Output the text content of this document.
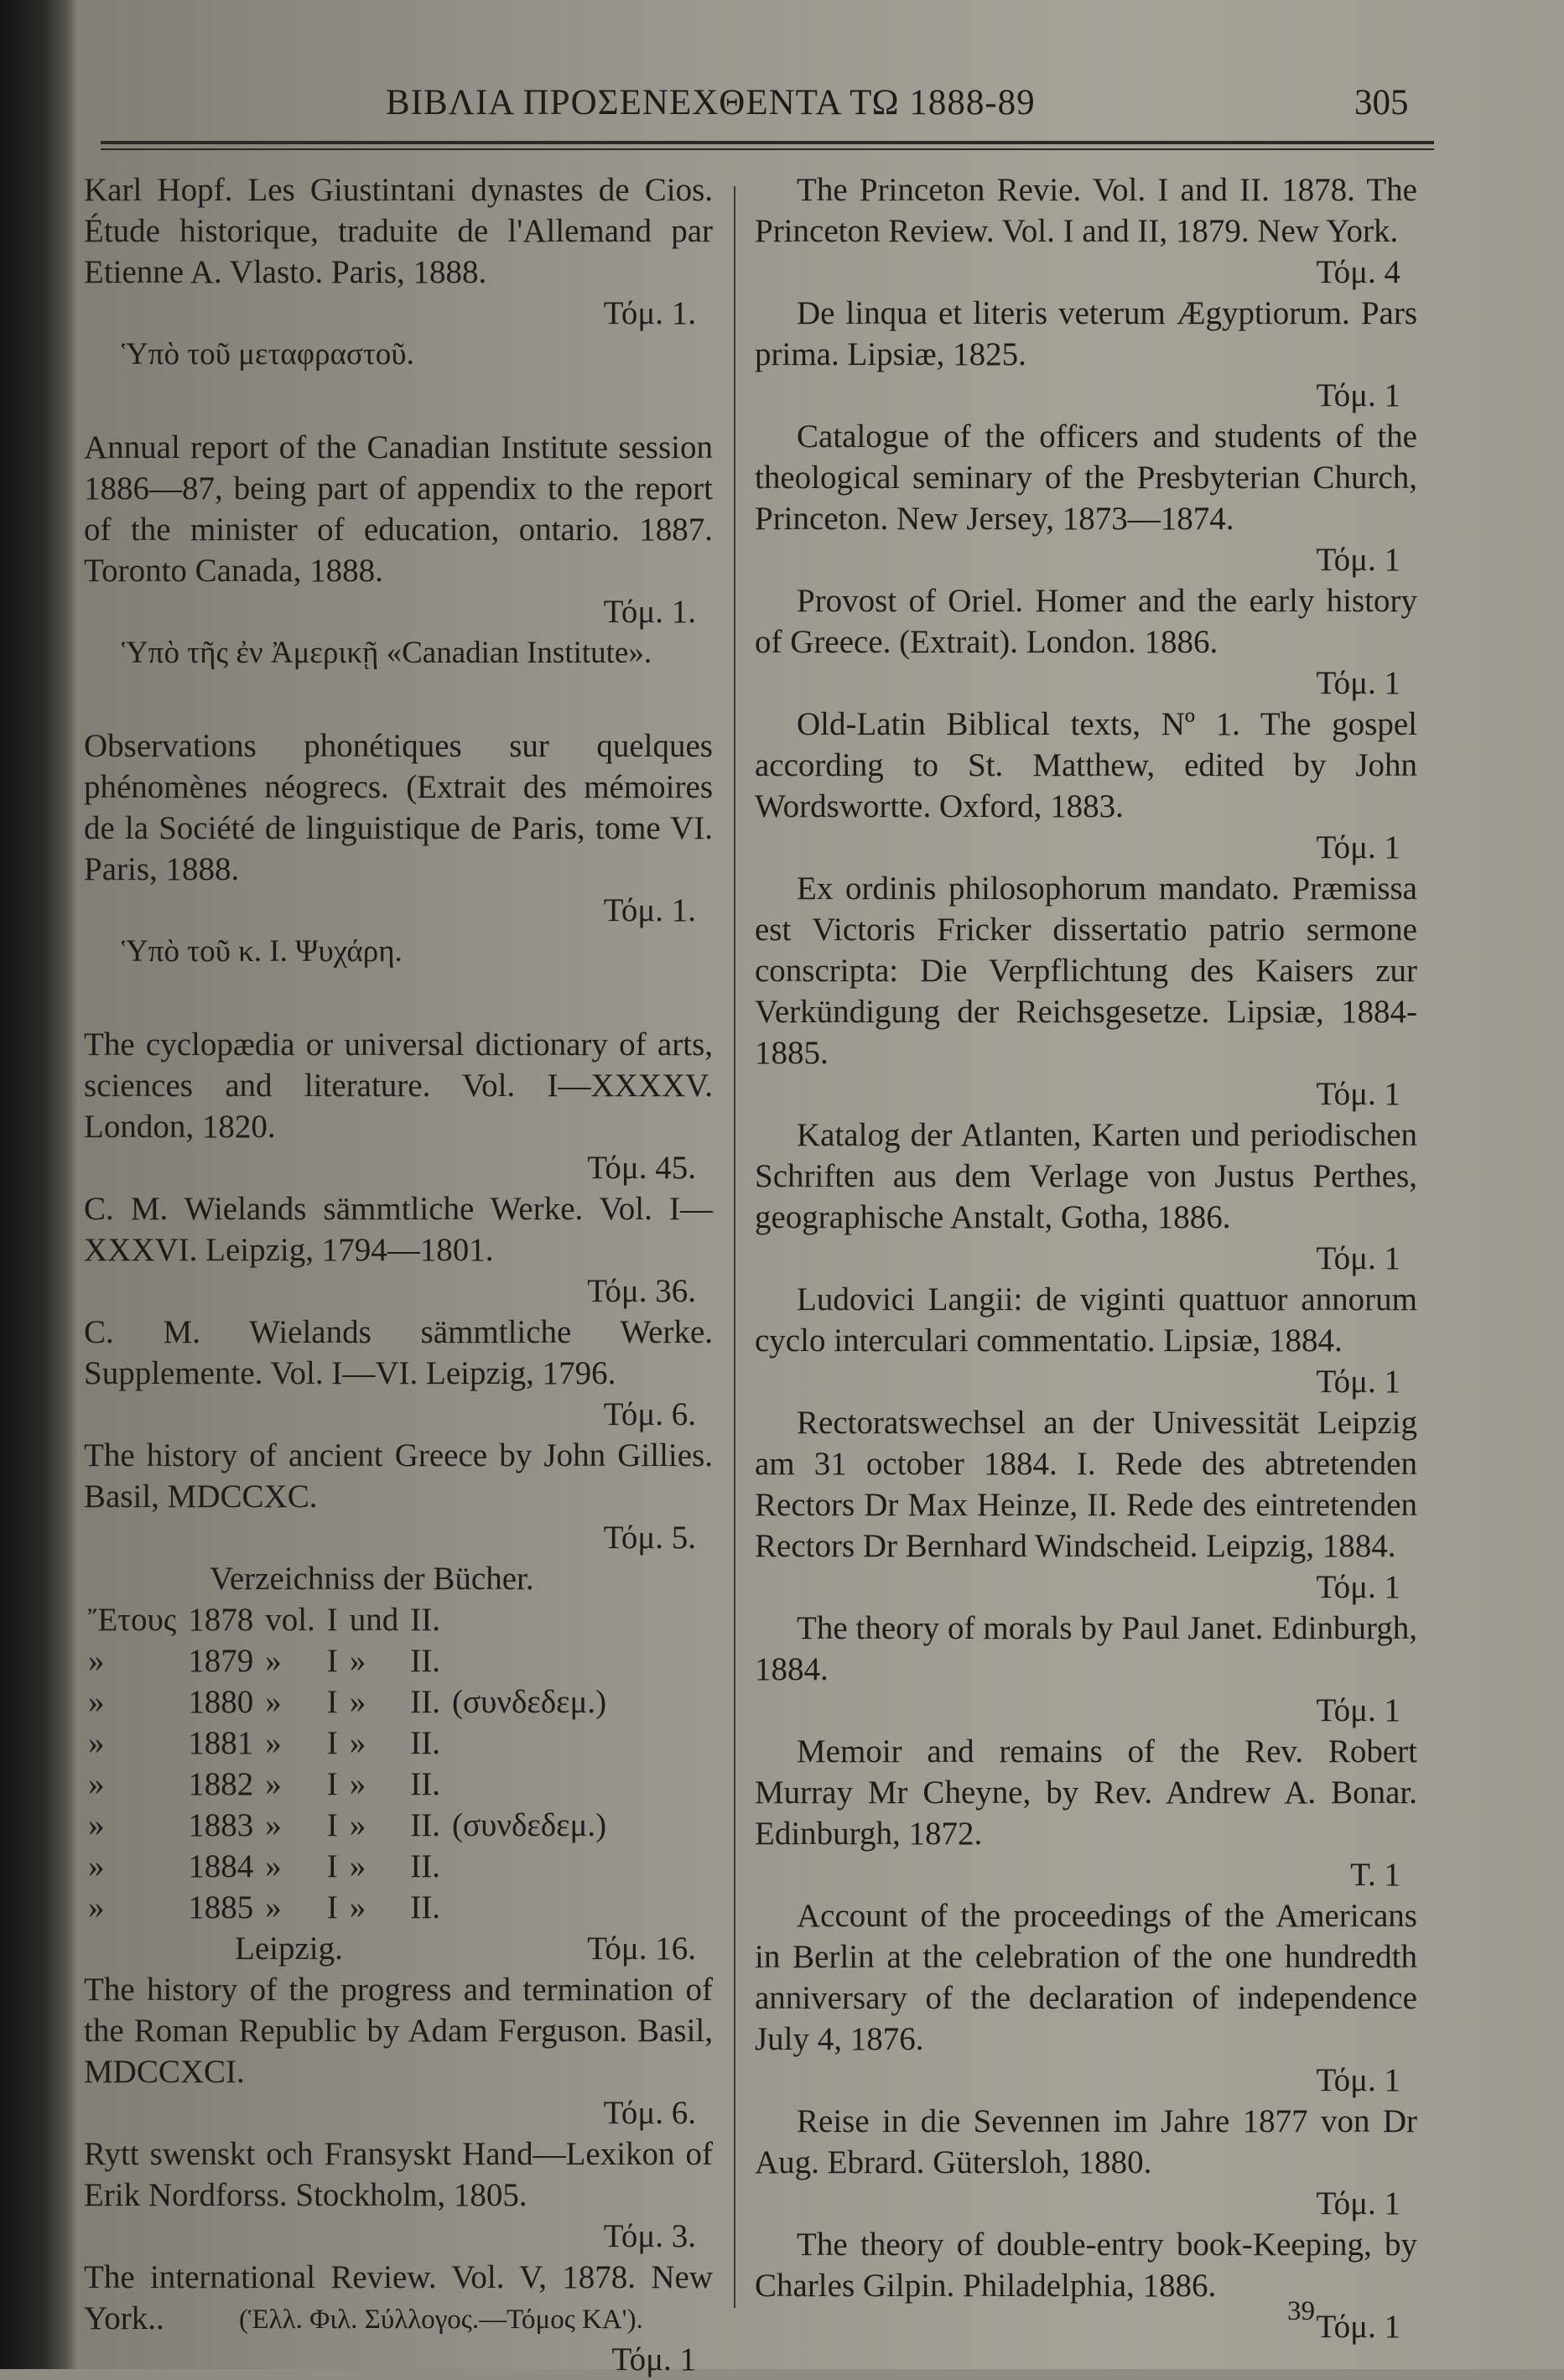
ΒΙΒΛΙΑ ΠΡΟΣΕΝΕΧΘΕΝΤΑ ΤΩ 1888-89	305
Karl Hopf. Les Giustintani dynastes de Cios. Étude historique, traduite de l'Allemand par Etienne A. Vlasto. Paris, 1888.
Τόμ. 1.
Ὑπὸ τοῦ μεταφραστοῦ.
Annual report of the Canadian Institute session 1886—87, being part of appendix to the report of the minister of education, ontario. 1887. Toronto Canada, 1888.
Τόμ. 1.
Ὑπὸ τῆς ἐν Ἀμερικῇ «Canadian Institute».
Observations phonétiques sur quelques phénomènes néogrecs. (Extrait des mémoires de la Société de linguistique de Paris, tome VI. Paris, 1888.
Τόμ. 1.
Ὑπὸ τοῦ κ. Ι. Ψυχάρη.
The cyclopædia or universal dictionary of arts, sciences and literature. Vol. I—XXXXV. London, 1820.
Τόμ. 45.
C. M. Wielands sämmtliche Werke. Vol. I—XXXVI. Leipzig, 1794—1801.
Τόμ. 36.
C. M. Wielands sämmtliche Werke. Supplemente. Vol. I—VI. Leipzig, 1796.
Τόμ. 6.
The history of ancient Greece by John Gillies. Basil, MDCCXC.
Τόμ. 5.
Verzeichniss der Bücher.
Ἔτους	1878	vol.	I	und	II.	
»	1879	»	I	»	II.	
»	1880	»	I	»	II.	(συνδεδεμ.)
»	1881	»	I	»	II.	
»	1882	»	I	»	II.	
»	1883	»	I	»	II.	(συνδεδεμ.)
»	1884	»	I	»	II.	
»	1885	»	I	»	II.	
Leipzig.	Τόμ. 16.
The history of the progress and termination of the Roman Republic by Adam Ferguson. Basil, MDCCXCI.
Τόμ. 6.
Rytt swenskt och Fransyskt Hand—Lexikon of Erik Nordforss. Stockholm, 1805.
Τόμ. 3.
The international Review. Vol. V, 1878. New York..
Τόμ. 1
The Princeton Revie. Vol. I and II. 1878. The Princeton Review. Vol. I and II, 1879. New York.
Τόμ. 4
De linqua et literis veterum Ægyptiorum. Pars prima. Lipsiæ, 1825.
Τόμ. 1
Catalogue of the officers and students of the theological seminary of the Presbyterian Church, Princeton. New Jersey, 1873—1874.
Τόμ. 1
Provost of Oriel. Homer and the early history of Greece. (Extrait). London. 1886.
Τόμ. 1
Old-Latin Biblical texts, Nº 1. The gospel according to St. Matthew, edited by John Wordswortte. Oxford, 1883.
Τόμ. 1
Ex ordinis philosophorum mandato. Præmissa est Victoris Fricker dissertatio patrio sermone conscripta: Die Verpflichtung des Kaisers zur Verkündigung der Reichsgesetze. Lipsiæ, 1884-1885.
Τόμ. 1
Katalog der Atlanten, Karten und periodischen Schriften aus dem Verlage von Justus Perthes, geographische Anstalt, Gotha, 1886.
Τόμ. 1
Ludovici Langii: de viginti quattuor annorum cyclo interculari commentatio. Lipsiæ, 1884.
Τόμ. 1
Rectoratswechsel an der Univessität Leipzig am 31 october 1884. I. Rede des abtretenden Rectors Dr Max Heinze, II. Rede des eintretenden Rectors Dr Bernhard Windscheid. Leipzig, 1884.
Τόμ. 1
The theory of morals by Paul Janet. Edinburgh, 1884.
Τόμ. 1
Memoir and remains of the Rev. Robert Murray Mr Cheyne, by Rev. Andrew A. Bonar. Edinburgh, 1872.
T. 1
Account of the proceedings of the Americans in Berlin at the celebration of the one hundredth anniversary of the declaration of independence July 4, 1876.
Τόμ. 1
Reise in die Sevennen im Jahre 1877 von Dr Aug. Ebrard. Gütersloh, 1880.
Τόμ. 1
The theory of double-entry book-Keeping, by Charles Gilpin. Philadelphia, 1886.
Τόμ. 1
(Ἑλλ. Φιλ. Σύλλογος.—Τόμος ΚΑ').	39
